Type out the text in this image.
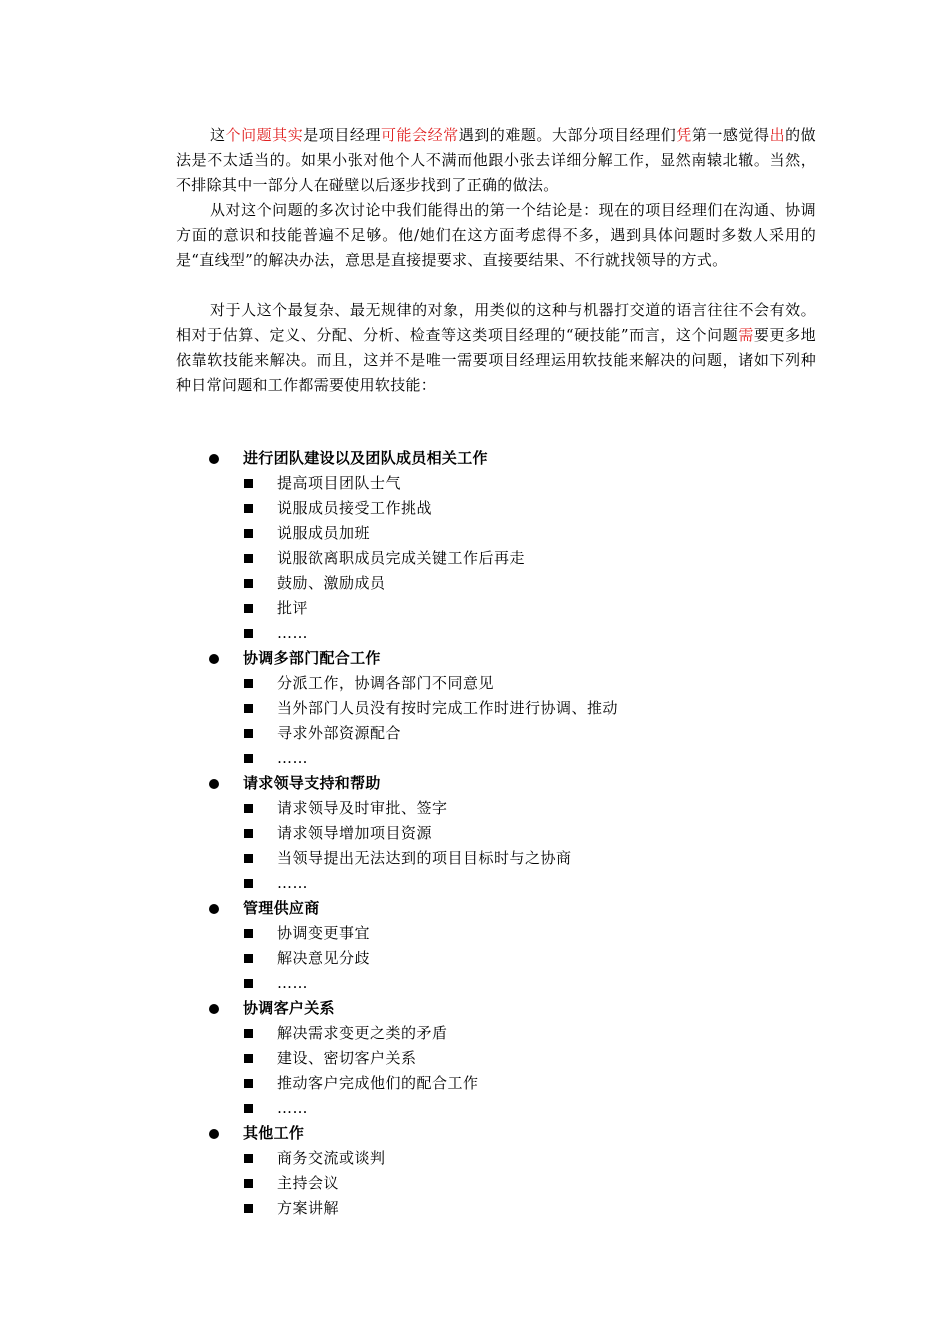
这个问题其实是项目经理可能会经常遇到的难题。大部分项目经理们凭第一感觉得出的做法是不太适当的。如果小张对他个人不满而他跟小张去详细分解工作，显然南辕北辙。当然，不排除其中一部分人在碰壁以后逐步找到了正确的做法。

从对这个问题的多次讨论中我们能得出的第一个结论是：现在的项目经理们在沟通、协调方面的意识和技能普遍不足够。他/她们在这方面考虑得不多，遇到具体问题时多数人采用的是“直线型”的解决办法，意思是直接提要求、直接要结果、不行就找领导的方式。

对于人这个最复杂、最无规律的对象，用类似的这种与机器打交道的语言往往不会有效。相对于估算、定义、分配、分析、检查等这类项目经理的“硬技能”而言，这个问题需要更多地依靠软技能来解决。而且，这并不是唯一需要项目经理运用软技能来解决的问题，诸如下列种种日常问题和工作都需要使用软技能：

进行团队建设以及团队成员相关工作
提高项目团队士气
说服成员接受工作挑战
说服成员加班
说服欲离职成员完成关键工作后再走
鼓励、激励成员
批评
……
协调多部门配合工作
分派工作，协调各部门不同意见
当外部门人员没有按时完成工作时进行协调、推动
寻求外部资源配合
……
请求领导支持和帮助
请求领导及时审批、签字
请求领导增加项目资源
当领导提出无法达到的项目目标时与之协商
……
管理供应商
协调变更事宜
解决意见分歧
……
协调客户关系
解决需求变更之类的矛盾
建设、密切客户关系
推动客户完成他们的配合工作
……
其他工作
商务交流或谈判
主持会议
方案讲解
